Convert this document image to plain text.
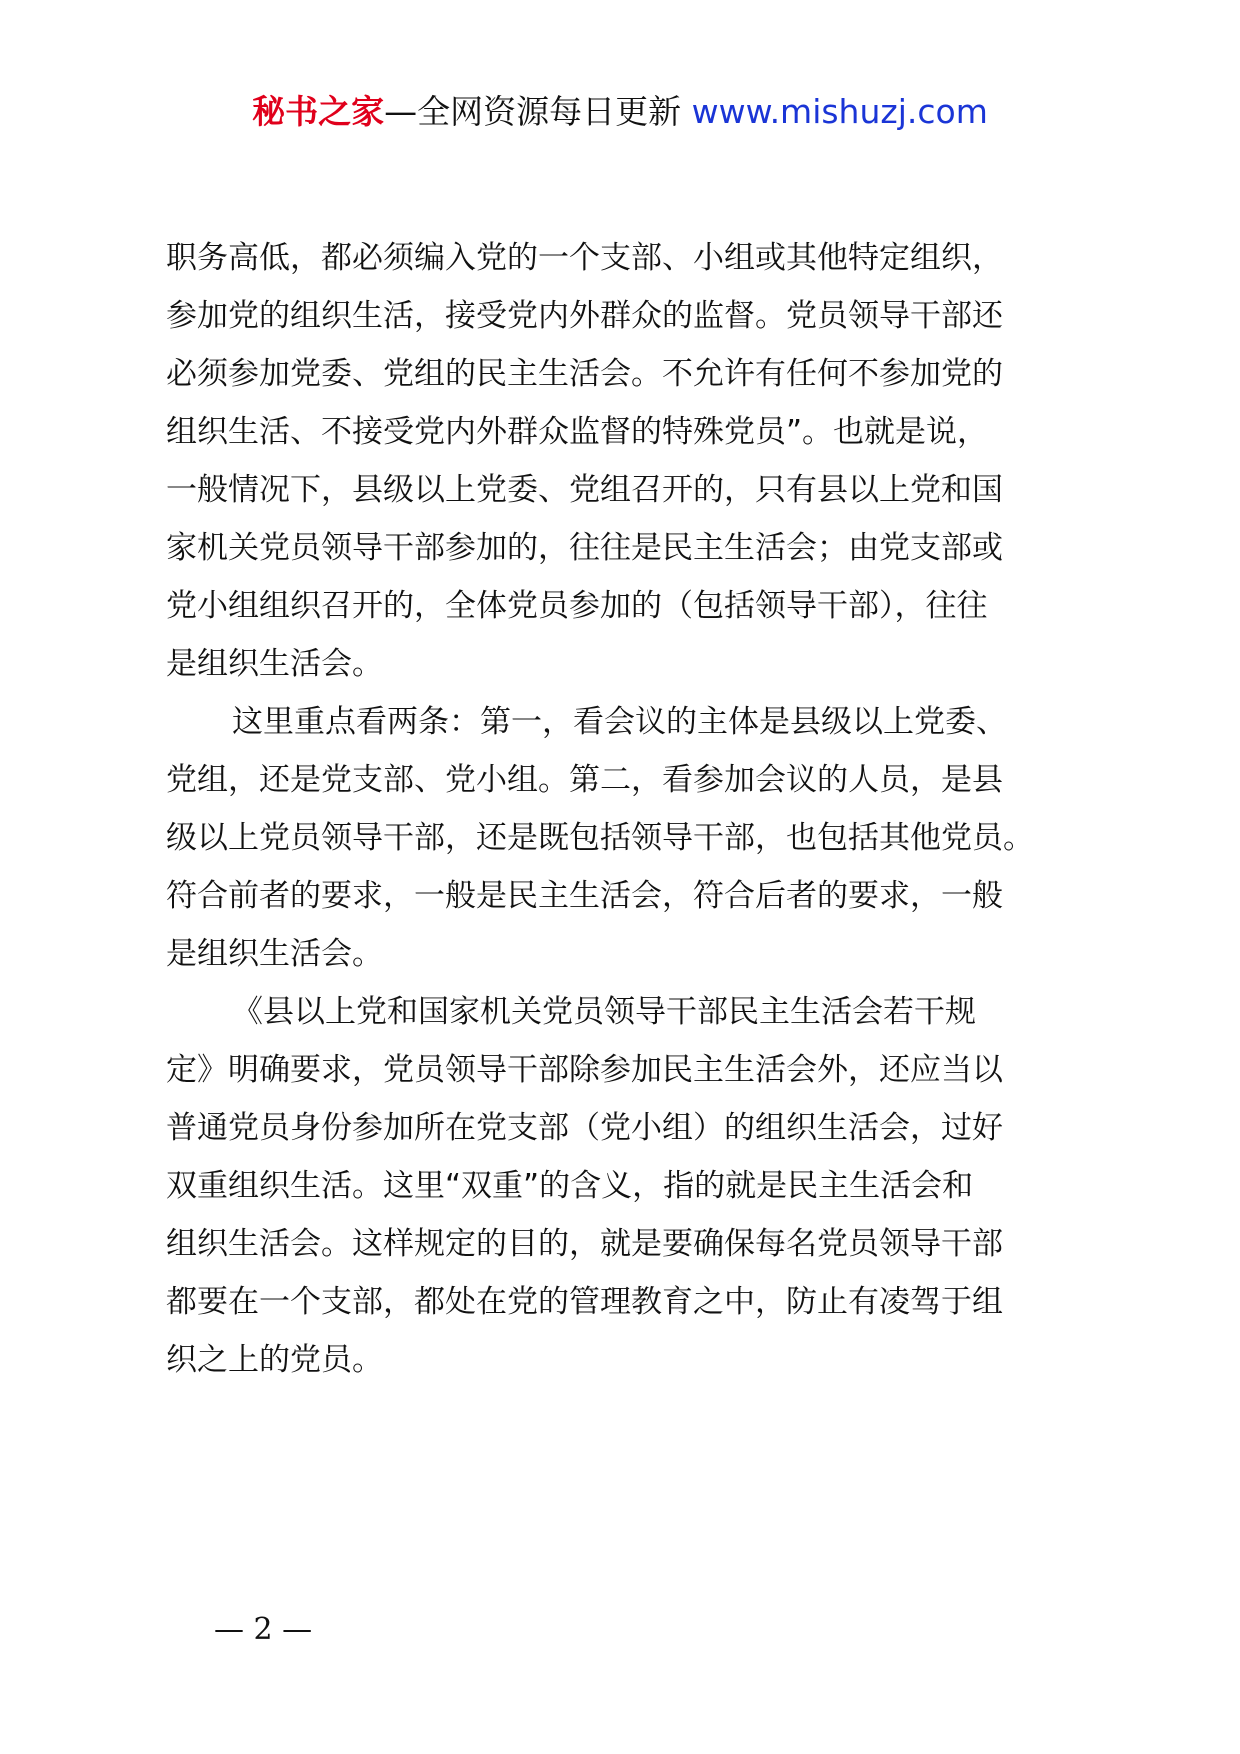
秘书之家—全网资源每日更新 www.mishuzj.com
职务高低，都必须编入党的一个支部、小组或其他特定组织，
参加党的组织生活，接受党内外群众的监督。党员领导干部还
必须参加党委、党组的民主生活会。不允许有任何不参加党的
组织生活、不接受党内外群众监督的特殊党员”。也就是说，
一般情况下，县级以上党委、党组召开的，只有县以上党和国
家机关党员领导干部参加的，往往是民主生活会；由党支部或
党小组组织召开的，全体党员参加的（包括领导干部），往往
是组织生活会。
这里重点看两条：第一，看会议的主体是县级以上党委、
党组，还是党支部、党小组。第二，看参加会议的人员，是县
级以上党员领导干部，还是既包括领导干部，也包括其他党员。
符合前者的要求，一般是民主生活会，符合后者的要求，一般
是组织生活会。
《县以上党和国家机关党员领导干部民主生活会若干规
定》明确要求，党员领导干部除参加民主生活会外，还应当以
普通党员身份参加所在党支部（党小组）的组织生活会，过好
双重组织生活。这里“双重”的含义，指的就是民主生活会和
组织生活会。这样规定的目的，就是要确保每名党员领导干部
都要在一个支部，都处在党的管理教育之中，防止有凌驾于组
织之上的党员。
— 2 —
